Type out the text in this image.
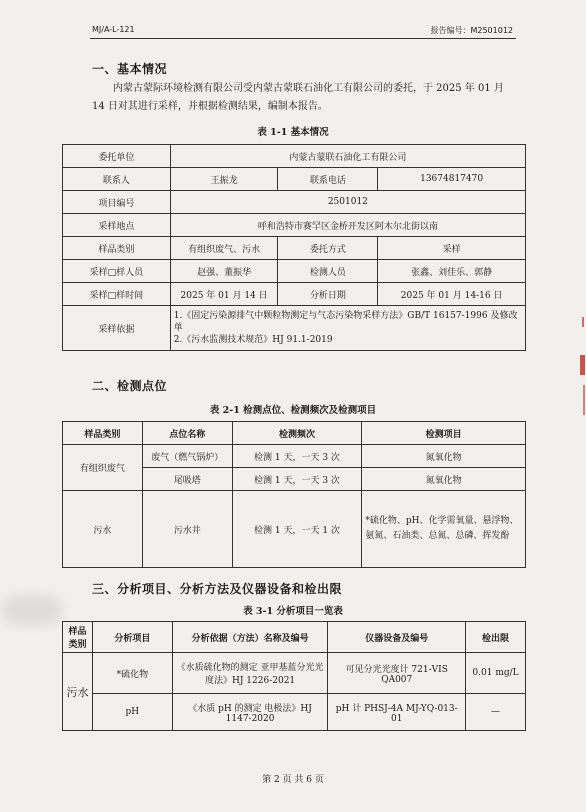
MJ/A-L-121	报告编号：M2501012
一、基本情况
内蒙古蒙际环境检测有限公司受内蒙古蒙联石油化工有限公司的委托，于 2025 年 01 月 14 日对其进行采样，并根据检测结果，编制本报告。
表 1-1 基本情况
委托单位	内蒙古蒙联石油化工有限公司		
联系人	王振龙	联系电话	13674817470
项目编号	2501012		
采样地点	呼和浩特市赛罕区金桥开发区阿木尔北街以南		
样品类别	有组织废气、污水	委托方式	采样
采样□样人员	赵强、董振华	检测人员	张鑫、刘佳乐、郭静
采样□样时间	2025 年 01 月 14 日	分析日期	2025 年 01 月 14-16 日
采样依据	1.《固定污染源排气中颗粒物测定与气态污染物采样方法》GB/T 16157-1996 及修改单
2.《污水监测技术规范》HJ 91.1-2019		
二、检测点位
表 2-1 检测点位、检测频次及检测项目
样品类别	点位名称	检测频次	检测项目
有组织废气	废气（燃气锅炉）	检测 1 天，一天 3 次	氮氧化物
	尾吸塔	检测 1 天，一天 3 次	氮氧化物
污水	污水井	检测 1 天，一天 1 次	*硫化物、pH、化学需氧量、悬浮物、氨氮、石油类、总氮、总磷、挥发酚
三、分析项目、分析方法及仪器设备和检出限
表 3-1 分析项目一览表
样品类别	分析项目	分析依据（方法）名称及编号	仪器设备及编号	检出限
污水	*硫化物	《水质硫化物的测定 亚甲基蓝分光光度法》HJ 1226-2021	可见分光光度计 721-VIS QA007	0.01 mg/L
	pH	《水质 pH 的测定 电极法》HJ 1147-2020	pH 计 PHSJ-4A MJ-YQ-013-01	—
第 2 页 共 6 页
